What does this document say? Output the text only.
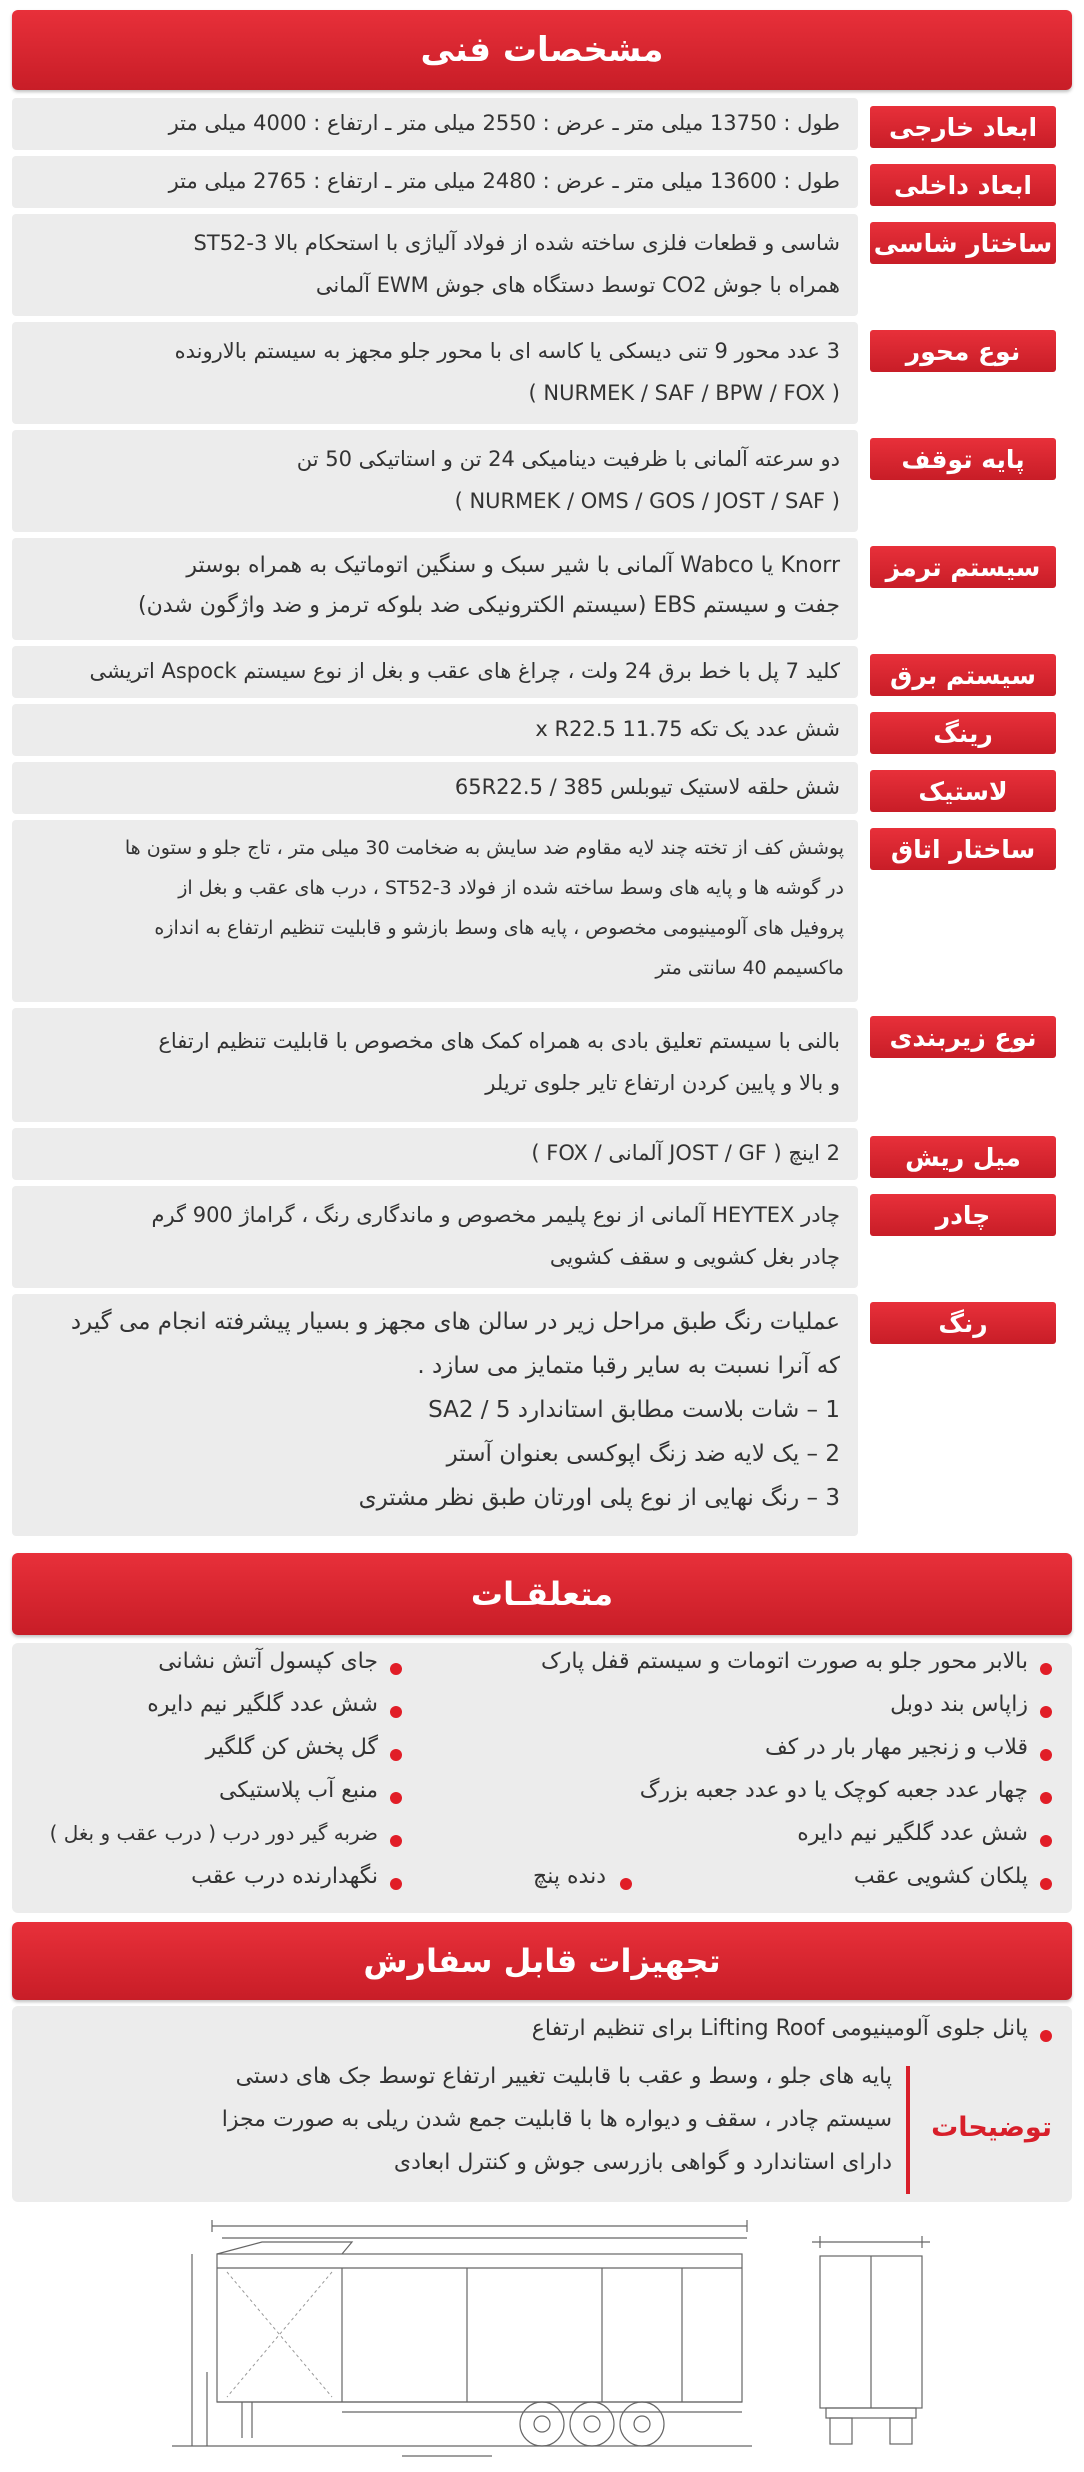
مشخصات فنی
ابعاد خارجی
طول : 13750 میلی متر ـ عرض : 2550 میلی متر ـ ارتفاع : 4000 میلی متر
ابعاد داخلی
طول : 13600 میلی متر ـ عرض : 2480 میلی متر ـ ارتفاع : 2765 میلی متر
ساختار شاسی
شاسی و قطعات فلزی ساخته شده از فولاد آلیاژی با استحکام بالا ST52-3
همراه با جوش CO2 توسط دستگاه های جوش EWM آلمانی
نوع محور
3 عدد محور 9 تنی دیسکی یا کاسه ای با محور جلو مجهز به سیستم بالارونده
( NURMEK / SAF / BPW / FOX )
پایه توقف
دو سرعته آلمانی با ظرفیت دینامیکی 24 تن و استاتیکی 50 تن
( NURMEK / OMS / GOS / JOST / SAF )
سیستم ترمز
Knorr یا Wabco آلمانی با شیر سبک و سنگین اتوماتیک به همراه بوستر
جفت و سیستم EBS (سیستم الکترونیکی ضد بلوکه ترمز و ضد واژگون شدن)
سیستم برق
کلید 7 پل با خط برق 24 ولت ، چراغ های عقب و بغل از نوع سیستم Aspock اتریشی
رینگ
شش عدد یک تکه 11.75 x R22.5
لاستیک
شش حلقه لاستیک تیوبلس 385 / 65R22.5
ساختار اتاق
پوشش کف از تخته چند لایه مقاوم ضد سایش به ضخامت 30 میلی متر ، تاج جلو و ستون ها
در گوشه ها و پایه های وسط ساخته شده از فولاد ST52-3 ، درب های عقب و بغل از
پروفیل های آلومینیومی مخصوص ، پایه های وسط بازشو و قابلیت تنظیم ارتفاع به اندازه
ماکسیمم 40 سانتی متر
نوع زیربندی
بالنی با سیستم تعلیق بادی به همراه کمک های مخصوص با قابلیت تنظیم ارتفاع
و بالا و پایین کردن ارتفاع تایر جلوی تریلر
میل ریش
2 اینچ ( JOST / GF آلمانی / FOX )
چادر
چادر HEYTEX آلمانی از نوع پلیمر مخصوص و ماندگاری رنگ ، گراماژ 900 گرم
چادر بغل کشویی و سقف کشویی
رنگ
عملیات رنگ طبق مراحل زیر در سالن های مجهز و بسیار پیشرفته انجام می گیرد
که آنرا نسبت به سایر رقبا متمایز می سازد .
1 – شات بلاست مطابق استاندارد SA2 / 5
2 – یک لایه ضد زنگ اپوکسی بعنوان آستر
3 – رنگ نهایی از نوع پلی اورتان طبق نظر مشتری
متعلقـات
بالابر محور جلو به صورت اتومات و سیستم قفل پارک
زاپاس بند دوبل
قلاب و زنجیر مهار بار در کف
چهار عدد جعبه کوچک یا دو عدد جعبه بزرگ
شش عدد گلگیر نیم دایره
پلکان کشویی عقب
دنده پنچ
جای کپسول آتش نشانی
شش عدد گلگیر نیم دایره
گل پخش کن گلگیر
منبع آب پلاستیکی
ضربه گیر دور درب ( درب عقب و بغل )
نگهدارنده درب عقب
تجهیزات قابل سفارش
پانل جلوی آلومینیومی Lifting Roof برای تنظیم ارتفاع
توضیحات
پایه های جلو ، وسط و عقب با قابلیت تغییر ارتفاع توسط جک های دستی
سیستم چادر ، سقف و دیواره ها با قابلیت جمع شدن ریلی به صورت مجزا
دارای استاندارد و گواهی بازرسی جوش و کنترل ابعادی
